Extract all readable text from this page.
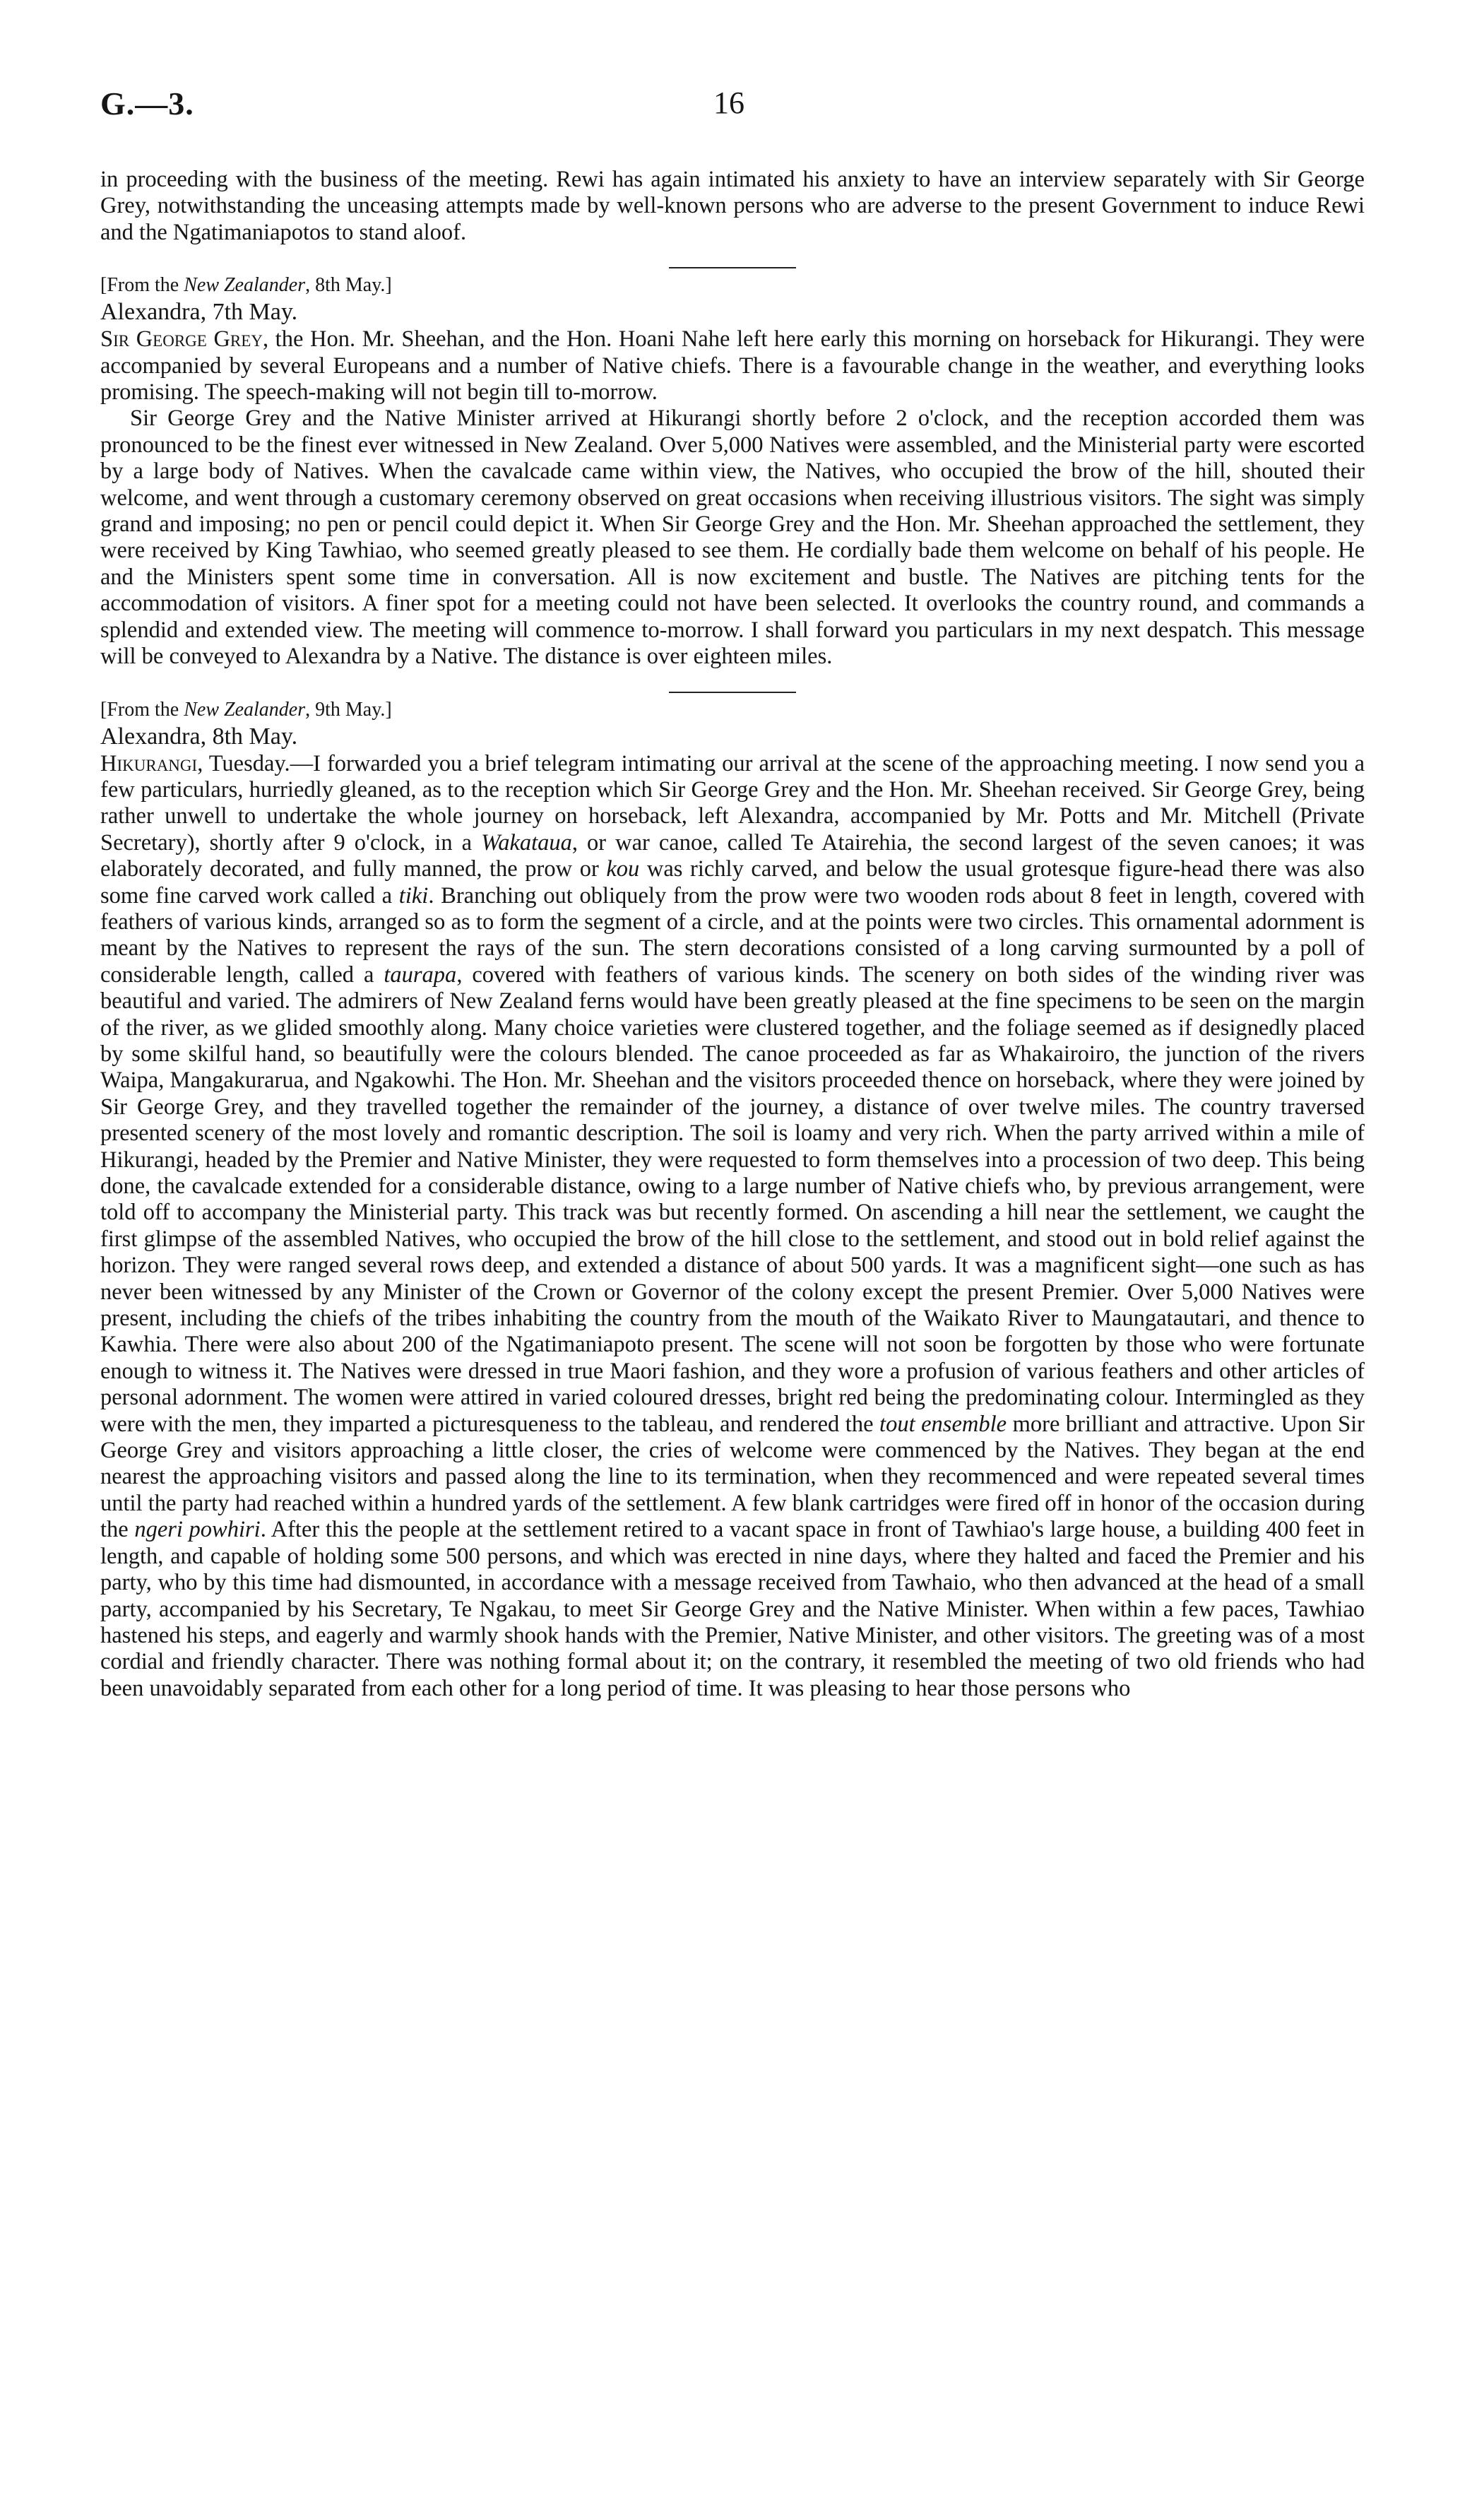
G.—3.	16

in proceeding with the business of the meeting. Rewi has again intimated his anxiety to have an interview separately with Sir George Grey, notwithstanding the unceasing attempts made by well-known persons who are adverse to the present Government to induce Rewi and the Ngatimaniapotos to stand aloof.

[From the New Zealander, 8th May.]

Alexandra, 7th May.

Sir George Grey, the Hon. Mr. Sheehan, and the Hon. Hoani Nahe left here early this morning on horseback for Hikurangi. They were accompanied by several Europeans and a number of Native chiefs. There is a favourable change in the weather, and everything looks promising. The speech-making will not begin till to-morrow.

Sir George Grey and the Native Minister arrived at Hikurangi shortly before 2 o'clock, and the reception accorded them was pronounced to be the finest ever witnessed in New Zealand. Over 5,000 Natives were assembled, and the Ministerial party were escorted by a large body of Natives. When the cavalcade came within view, the Natives, who occupied the brow of the hill, shouted their welcome, and went through a customary ceremony observed on great occasions when receiving illustrious visitors. The sight was simply grand and imposing; no pen or pencil could depict it. When Sir George Grey and the Hon. Mr. Sheehan approached the settlement, they were received by King Tawhiao, who seemed greatly pleased to see them. He cordially bade them welcome on behalf of his people. He and the Ministers spent some time in conversation. All is now excitement and bustle. The Natives are pitching tents for the accommodation of visitors. A finer spot for a meeting could not have been selected. It overlooks the country round, and commands a splendid and extended view. The meeting will commence to-morrow. I shall forward you particulars in my next despatch. This message will be conveyed to Alexandra by a Native. The distance is over eighteen miles.

[From the New Zealander, 9th May.]

Alexandra, 8th May.

Hikurangi, Tuesday.—I forwarded you a brief telegram intimating our arrival at the scene of the approaching meeting. I now send you a few particulars, hurriedly gleaned, as to the reception which Sir George Grey and the Hon. Mr. Sheehan received. Sir George Grey, being rather unwell to undertake the whole journey on horseback, left Alexandra, accompanied by Mr. Potts and Mr. Mitchell (Private Secretary), shortly after 9 o'clock, in a Wakataua, or war canoe, called Te Atairehia, the second largest of the seven canoes; it was elaborately decorated, and fully manned, the prow or kou was richly carved, and below the usual grotesque figure-head there was also some fine carved work called a tiki. Branching out obliquely from the prow were two wooden rods about 8 feet in length, covered with feathers of various kinds, arranged so as to form the segment of a circle, and at the points were two circles. This ornamental adornment is meant by the Natives to represent the rays of the sun. The stern decorations consisted of a long carving surmounted by a poll of considerable length, called a taurapa, covered with feathers of various kinds. The scenery on both sides of the winding river was beautiful and varied. The admirers of New Zealand ferns would have been greatly pleased at the fine specimens to be seen on the margin of the river, as we glided smoothly along. Many choice varieties were clustered together, and the foliage seemed as if designedly placed by some skilful hand, so beautifully were the colours blended. The canoe proceeded as far as Whakairoiro, the junction of the rivers Waipa, Mangakurarua, and Ngakowhi. The Hon. Mr. Sheehan and the visitors proceeded thence on horseback, where they were joined by Sir George Grey, and they travelled together the remainder of the journey, a distance of over twelve miles. The country traversed presented scenery of the most lovely and romantic description. The soil is loamy and very rich. When the party arrived within a mile of Hikurangi, headed by the Premier and Native Minister, they were requested to form themselves into a procession of two deep. This being done, the cavalcade extended for a considerable distance, owing to a large number of Native chiefs who, by previous arrangement, were told off to accompany the Ministerial party. This track was but recently formed. On ascending a hill near the settlement, we caught the first glimpse of the assembled Natives, who occupied the brow of the hill close to the settlement, and stood out in bold relief against the horizon. They were ranged several rows deep, and extended a distance of about 500 yards. It was a magnificent sight—one such as has never been witnessed by any Minister of the Crown or Governor of the colony except the present Premier. Over 5,000 Natives were present, including the chiefs of the tribes inhabiting the country from the mouth of the Waikato River to Maungatautari, and thence to Kawhia. There were also about 200 of the Ngatimaniapoto present. The scene will not soon be forgotten by those who were fortunate enough to witness it. The Natives were dressed in true Maori fashion, and they wore a profusion of various feathers and other articles of personal adornment. The women were attired in varied coloured dresses, bright red being the predominating colour. Intermingled as they were with the men, they imparted a picturesqueness to the tableau, and rendered the tout ensemble more brilliant and attractive. Upon Sir George Grey and visitors approaching a little closer, the cries of welcome were commenced by the Natives. They began at the end nearest the approaching visitors and passed along the line to its termination, when they recommenced and were repeated several times until the party had reached within a hundred yards of the settlement. A few blank cartridges were fired off in honor of the occasion during the ngeri powhiri. After this the people at the settlement retired to a vacant space in front of Tawhiao's large house, a building 400 feet in length, and capable of holding some 500 persons, and which was erected in nine days, where they halted and faced the Premier and his party, who by this time had dismounted, in accordance with a message received from Tawhaio, who then advanced at the head of a small party, accompanied by his Secretary, Te Ngakau, to meet Sir George Grey and the Native Minister. When within a few paces, Tawhiao hastened his steps, and eagerly and warmly shook hands with the Premier, Native Minister, and other visitors. The greeting was of a most cordial and friendly character. There was nothing formal about it; on the contrary, it resembled the meeting of two old friends who had been unavoidably separated from each other for a long period of time. It was pleasing to hear those persons who
